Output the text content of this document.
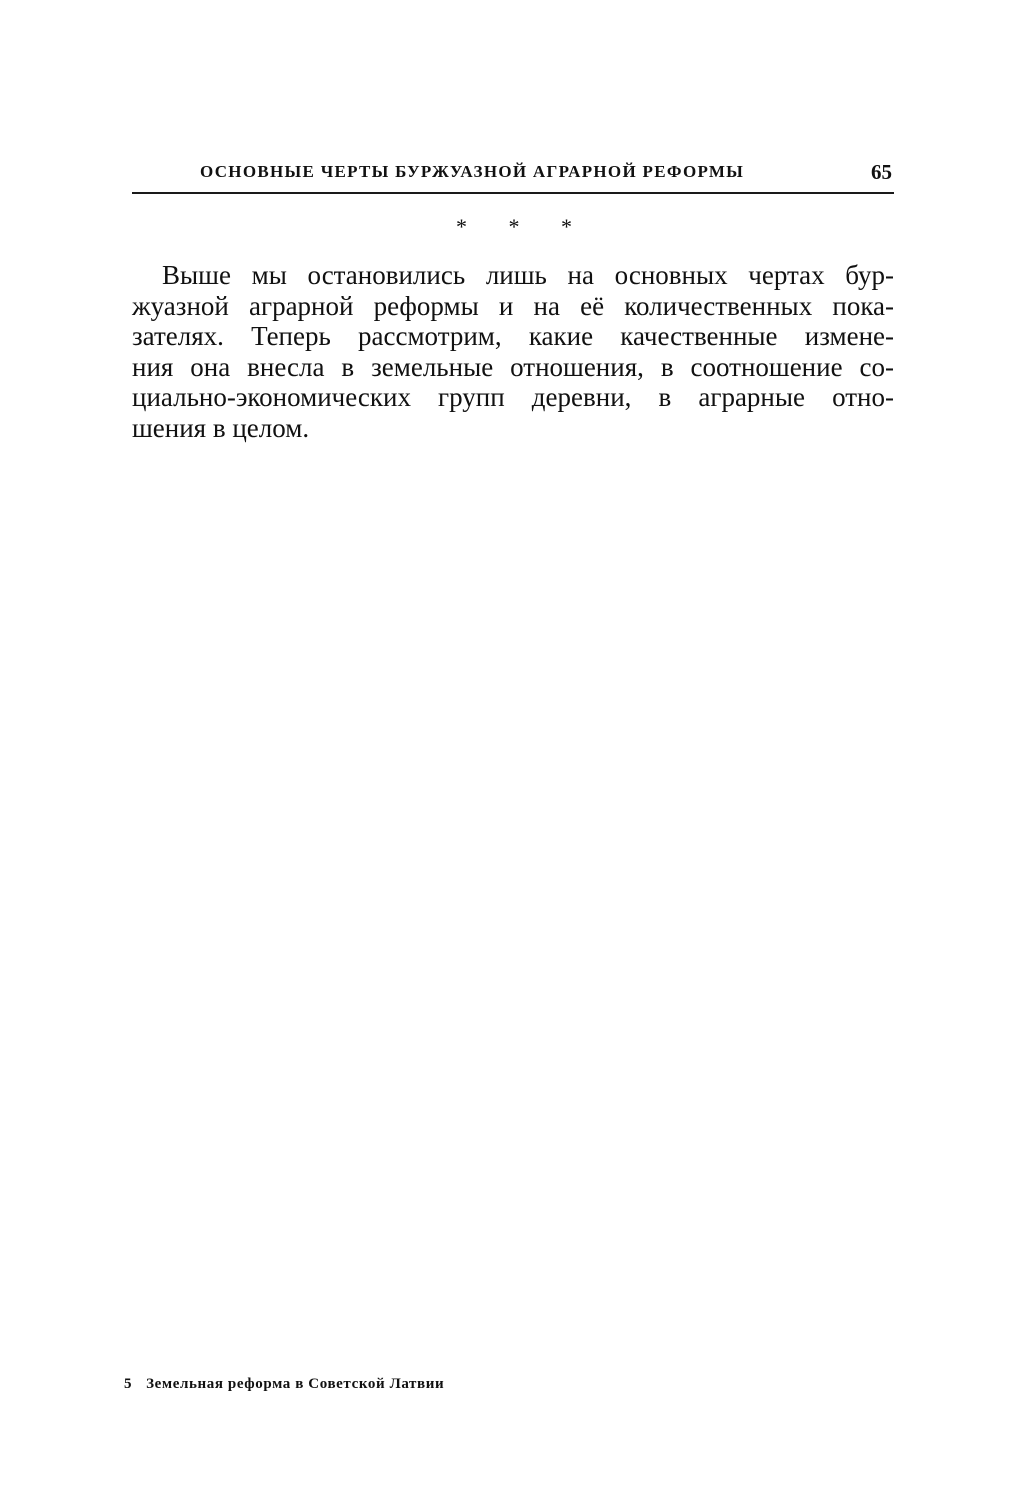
ОСНОВНЫЕ ЧЕРТЫ БУРЖУАЗНОЙ АГРАРНОЙ РЕФОРМЫ	65
* * *
Выше мы остановились лишь на основных чертах бур-
жуазной аграрной реформы и на её количественных пока-
зателях. Теперь рассмотрим, какие качественные измене-
ния она внесла в земельные отношения, в соотношение со-
циально-экономических групп деревни, в аграрные отно-
шения в целом.
5 Земельная реформа в Советской Латвии
